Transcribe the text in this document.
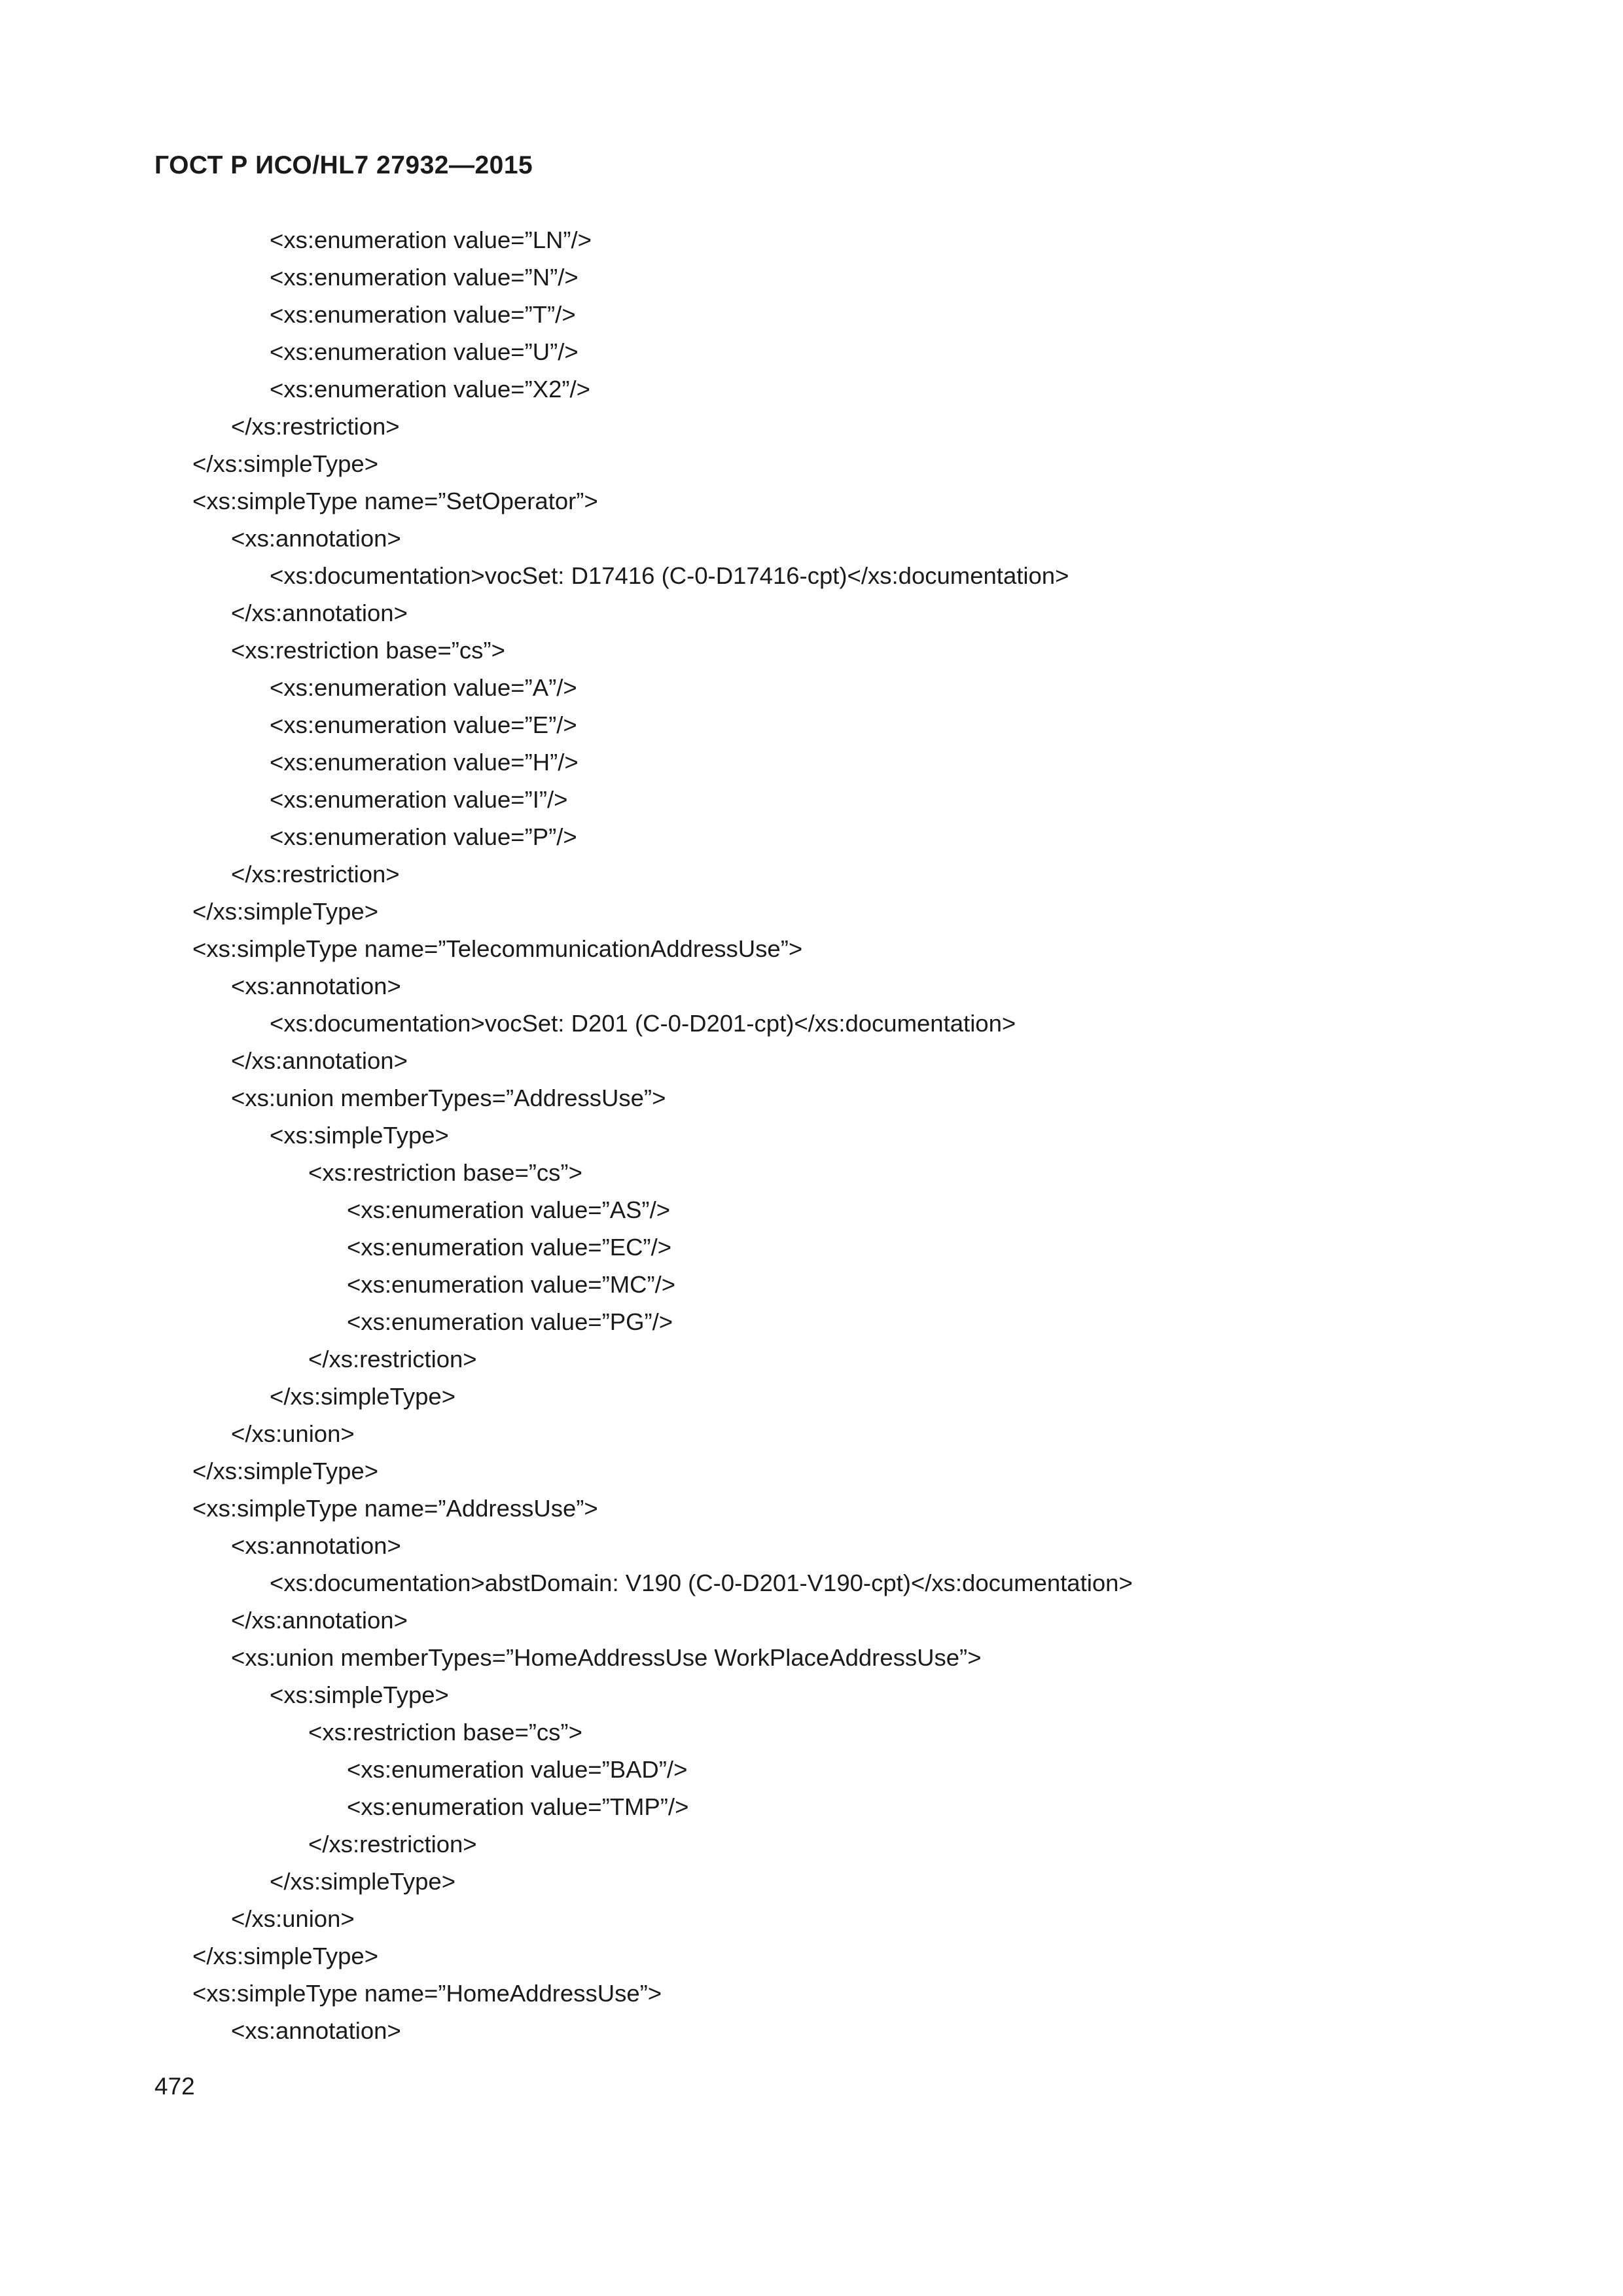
ГОСТ Р ИСО/HL7 27932—2015
<xs:enumeration value=”LN”/>
<xs:enumeration value=”N”/>
<xs:enumeration value=”T”/>
<xs:enumeration value=”U”/>
<xs:enumeration value=”X2”/>
</xs:restriction>
</xs:simpleType>
<xs:simpleType name=”SetOperator”>
<xs:annotation>
<xs:documentation>vocSet: D17416 (C-0-D17416-cpt)</xs:documentation>
</xs:annotation>
<xs:restriction base=”cs”>
<xs:enumeration value=”A”/>
<xs:enumeration value=”E”/>
<xs:enumeration value=”H”/>
<xs:enumeration value=”I”/>
<xs:enumeration value=”P”/>
</xs:restriction>
</xs:simpleType>
<xs:simpleType name=”TelecommunicationAddressUse”>
<xs:annotation>
<xs:documentation>vocSet: D201 (C-0-D201-cpt)</xs:documentation>
</xs:annotation>
<xs:union memberTypes=”AddressUse”>
<xs:simpleType>
<xs:restriction base=”cs”>
<xs:enumeration value=”AS”/>
<xs:enumeration value=”EC”/>
<xs:enumeration value=”MC”/>
<xs:enumeration value=”PG”/>
</xs:restriction>
</xs:simpleType>
</xs:union>
</xs:simpleType>
<xs:simpleType name=”AddressUse”>
<xs:annotation>
<xs:documentation>abstDomain: V190 (C-0-D201-V190-cpt)</xs:documentation>
</xs:annotation>
<xs:union memberTypes=”HomeAddressUse WorkPlaceAddressUse”>
<xs:simpleType>
<xs:restriction base=”cs”>
<xs:enumeration value=”BAD”/>
<xs:enumeration value=”TMP”/>
</xs:restriction>
</xs:simpleType>
</xs:union>
</xs:simpleType>
<xs:simpleType name=”HomeAddressUse”>
<xs:annotation>
472
